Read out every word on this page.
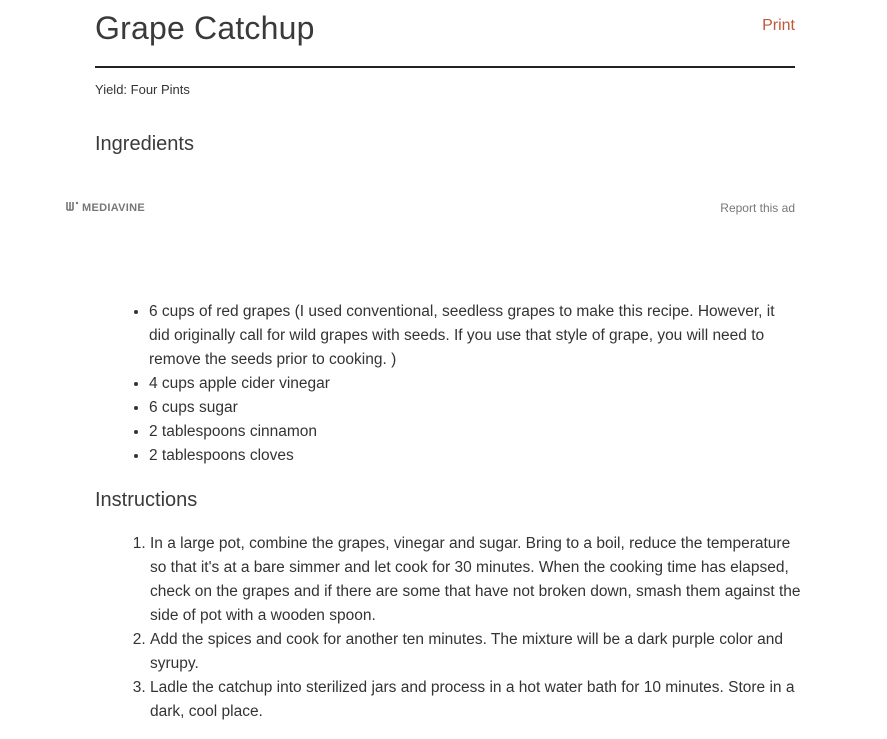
Grape Catchup	Print
Yield: Four Pints
Ingredients
MEDIAVINE	Report this ad
• 6 cups of red grapes (I used conventional, seedless grapes to make this recipe. However, it did originally call for wild grapes with seeds. If you use that style of grape, you will need to remove the seeds prior to cooking. )
• 4 cups apple cider vinegar
• 6 cups sugar
• 2 tablespoons cinnamon
• 2 tablespoons cloves
Instructions
1. In a large pot, combine the grapes, vinegar and sugar. Bring to a boil, reduce the temperature so that it's at a bare simmer and let cook for 30 minutes. When the cooking time has elapsed, check on the grapes and if there are some that have not broken down, smash them against the side of pot with a wooden spoon.
2. Add the spices and cook for another ten minutes. The mixture will be a dark purple color and syrupy.
3. Ladle the catchup into sterilized jars and process in a hot water bath for 10 minutes. Store in a dark, cool place.
